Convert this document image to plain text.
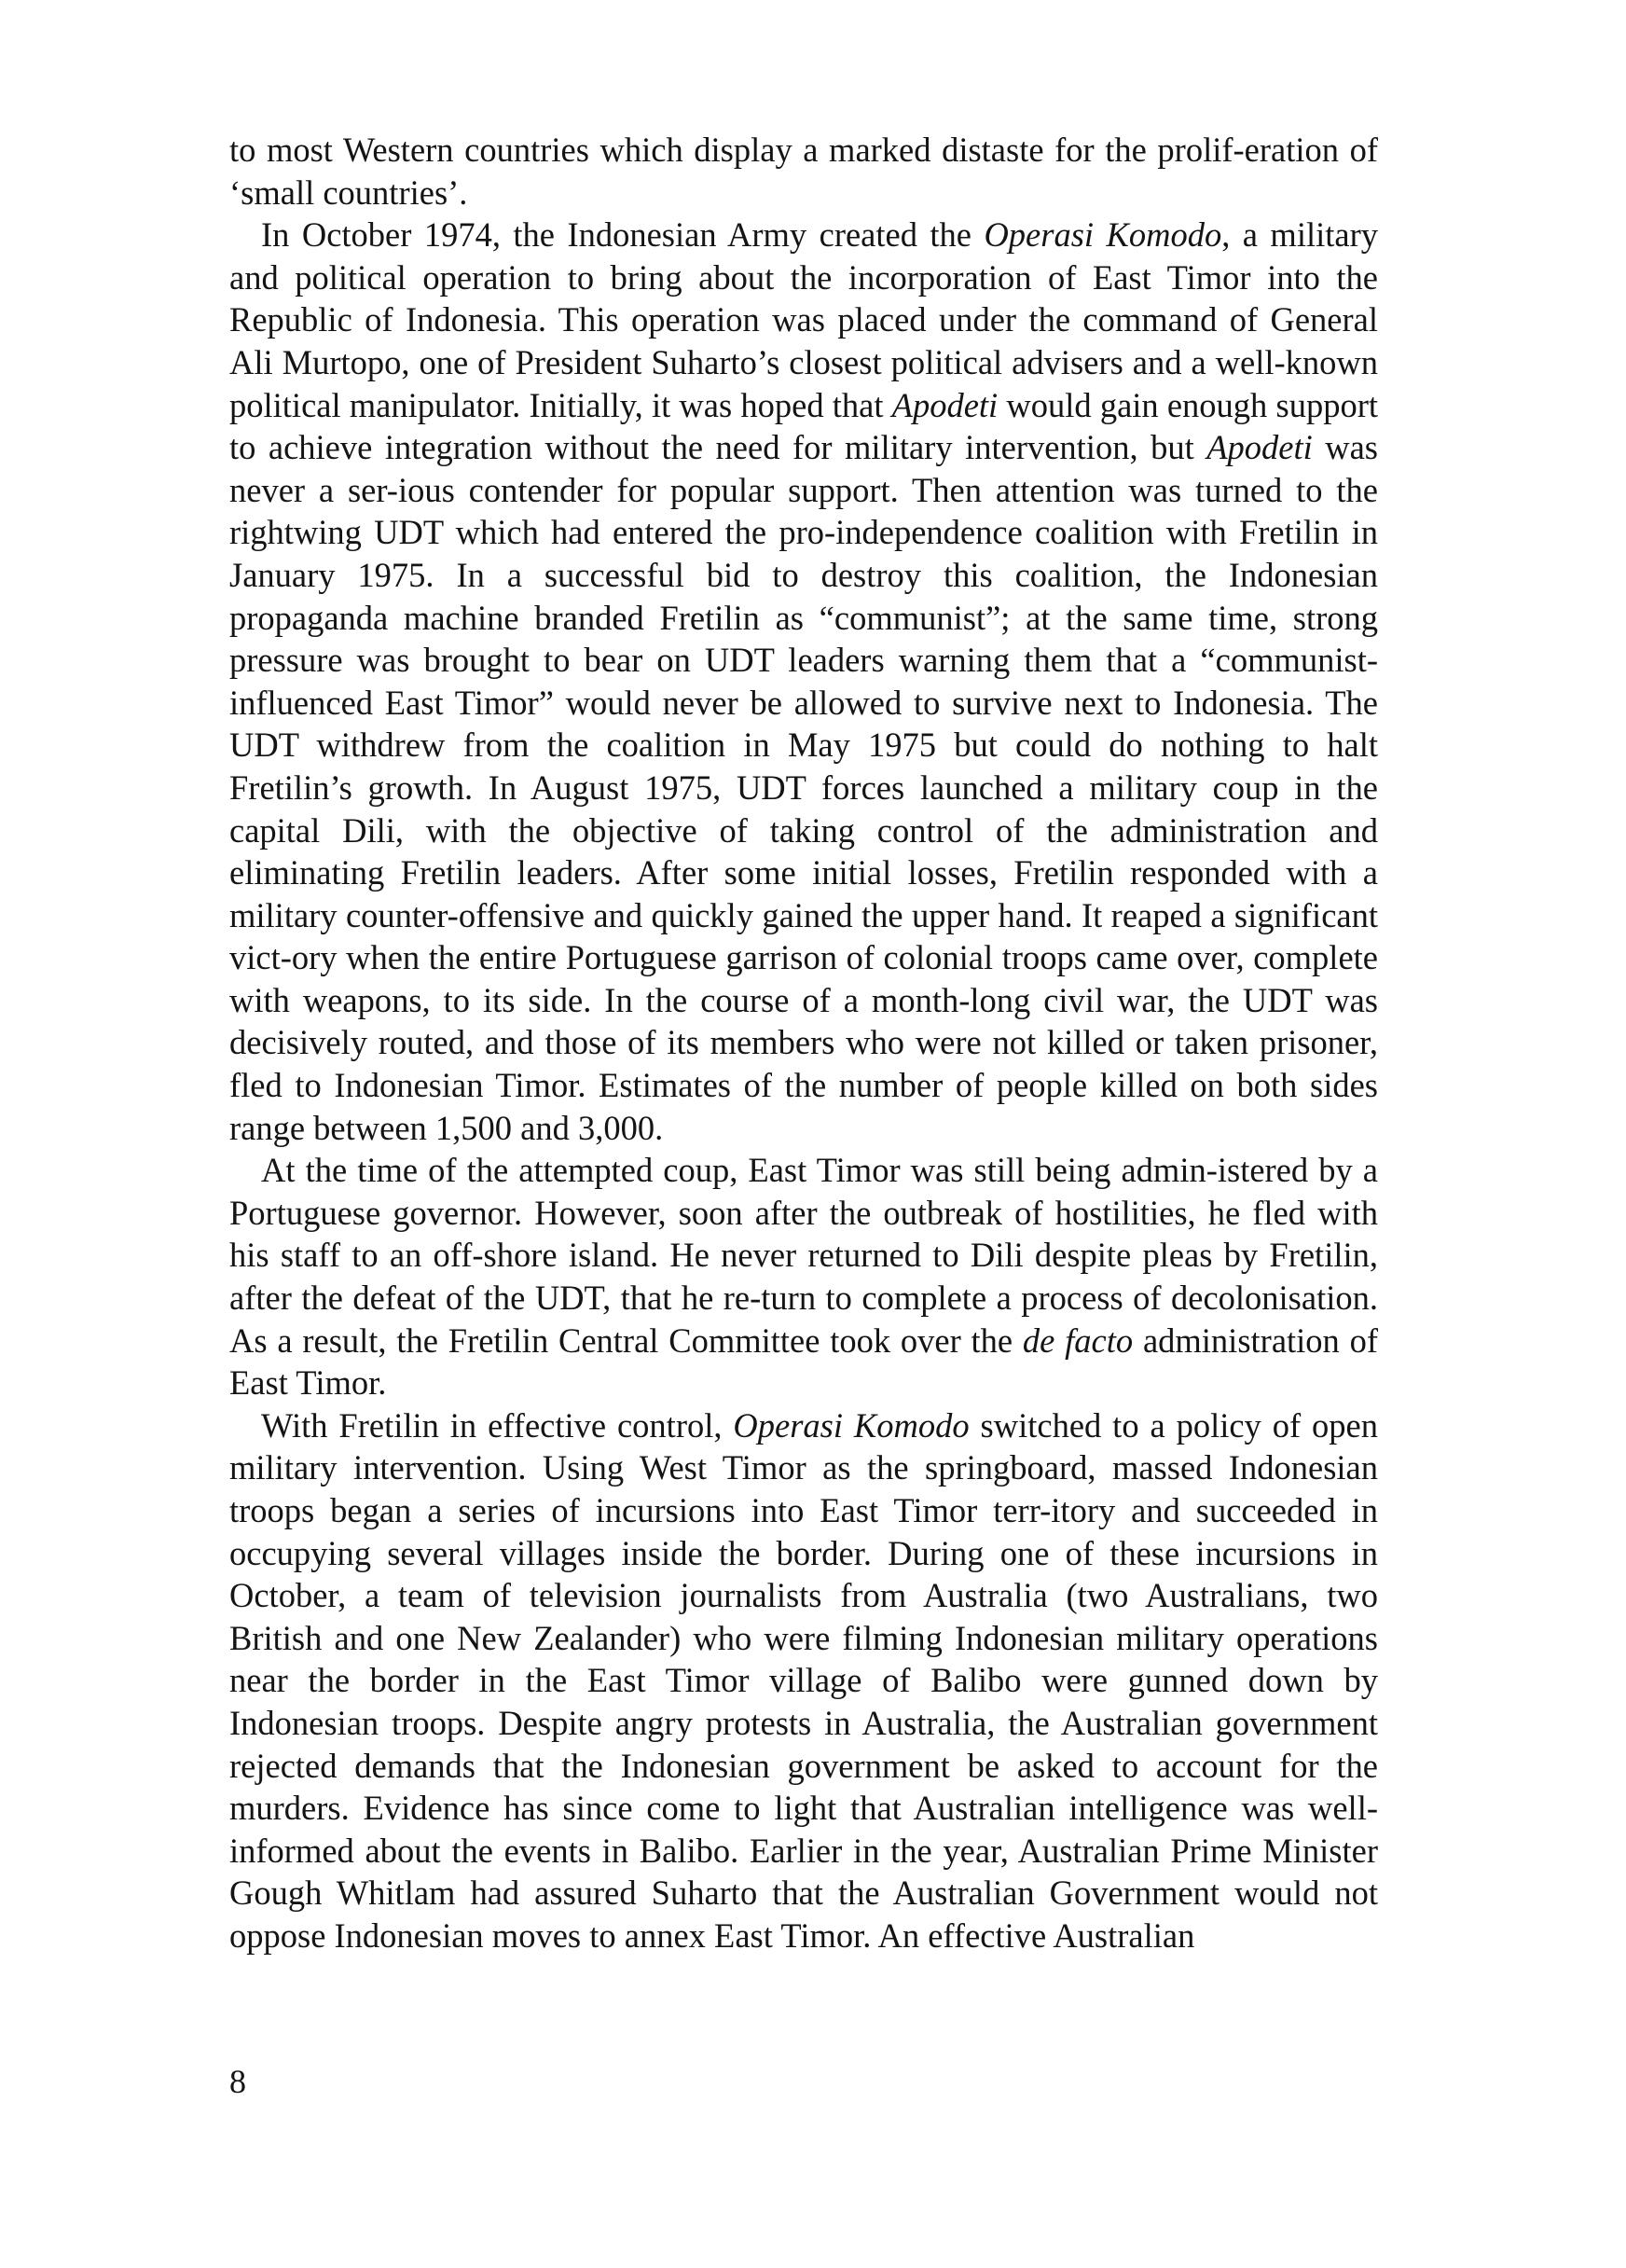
to most Western countries which display a marked distaste for the prolif-eration of ‘small countries’.

In October 1974, the Indonesian Army created the Operasi Komodo, a military and political operation to bring about the incorporation of East Timor into the Republic of Indonesia. This operation was placed under the command of General Ali Murtopo, one of President Suharto’s closest political advisers and a well-known political manipulator. Initially, it was hoped that Apodeti would gain enough support to achieve integration without the need for military intervention, but Apodeti was never a ser-ious contender for popular support. Then attention was turned to the rightwing UDT which had entered the pro-independence coalition with Fretilin in January 1975. In a successful bid to destroy this coalition, the Indonesian propaganda machine branded Fretilin as “communist”; at the same time, strong pressure was brought to bear on UDT leaders warning them that a “communist-influenced East Timor” would never be allowed to survive next to Indonesia. The UDT withdrew from the coalition in May 1975 but could do nothing to halt Fretilin’s growth. In August 1975, UDT forces launched a military coup in the capital Dili, with the objective of taking control of the administration and eliminating Fretilin leaders. After some initial losses, Fretilin responded with a military counter-offensive and quickly gained the upper hand. It reaped a significant vict-ory when the entire Portuguese garrison of colonial troops came over, complete with weapons, to its side. In the course of a month-long civil war, the UDT was decisively routed, and those of its members who were not killed or taken prisoner, fled to Indonesian Timor. Estimates of the number of people killed on both sides range between 1,500 and 3,000.

At the time of the attempted coup, East Timor was still being admin-istered by a Portuguese governor. However, soon after the outbreak of hostilities, he fled with his staff to an off-shore island. He never returned to Dili despite pleas by Fretilin, after the defeat of the UDT, that he re-turn to complete a process of decolonisation. As a result, the Fretilin Central Committee took over the de facto administration of East Timor.

With Fretilin in effective control, Operasi Komodo switched to a policy of open military intervention. Using West Timor as the springboard, massed Indonesian troops began a series of incursions into East Timor terr-itory and succeeded in occupying several villages inside the border. During one of these incursions in October, a team of television journalists from Australia (two Australians, two British and one New Zealander) who were filming Indonesian military operations near the border in the East Timor village of Balibo were gunned down by Indonesian troops. Despite angry protests in Australia, the Australian government rejected demands that the Indonesian government be asked to account for the murders. Evidence has since come to light that Australian intelligence was well-informed about the events in Balibo. Earlier in the year, Australian Prime Minister Gough Whitlam had assured Suharto that the Australian Government would not oppose Indonesian moves to annex East Timor. An effective Australian

8
